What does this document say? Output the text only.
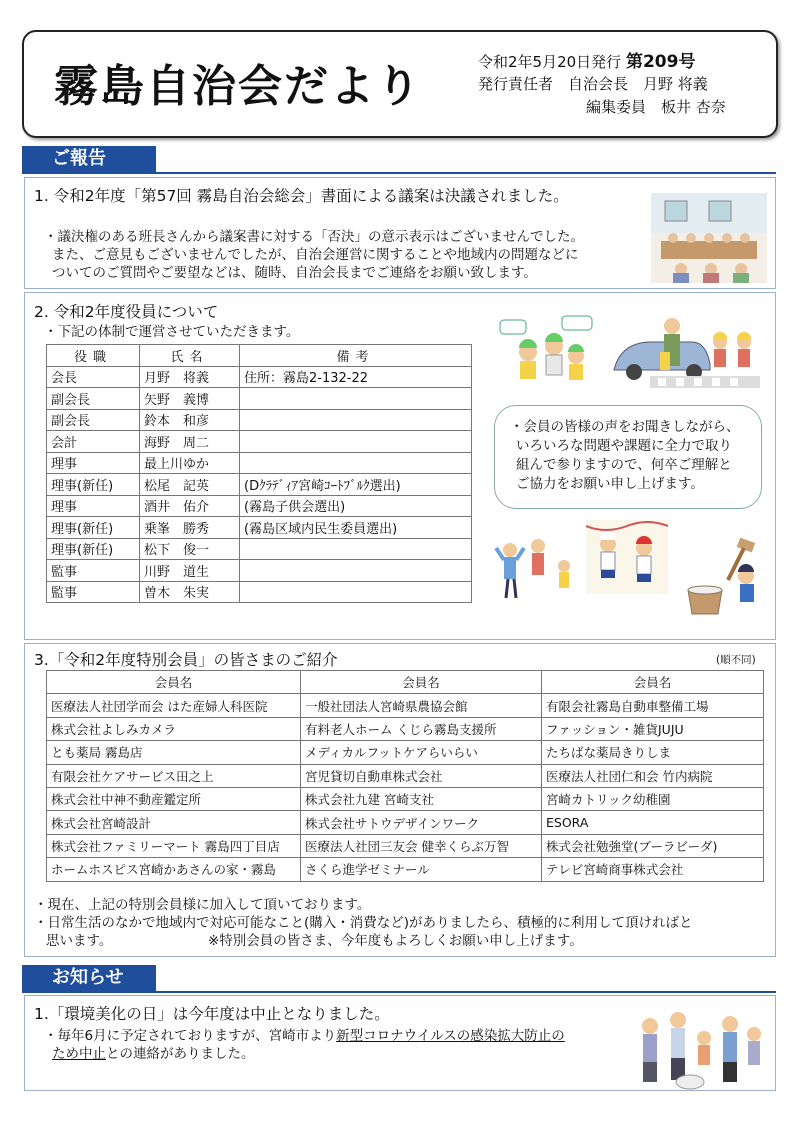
霧島自治会だより	令和2年5月20日発行 第209号
発行責任者　自治会長　月野 将義
編集委員　板井 杏奈
ご報告
1. 令和2年度「第57回 霧島自治会総会」書面による議案は決議されました。
・議決権のある班長さんから議案書に対する「否決」の意示表示はございませんでした。
また、ご意見もございませんでしたが、自治会運営に関することや地域内の問題などに
ついてのご質問やご要望などは、随時、自治会長までご連絡をお願い致します。
2. 令和2年度役員について
・下記の体制で運営させていただきます。
役職	氏名	備考
会長	月野　将義	住所：霧島2-132-22
副会長	矢野　義博	
副会長	鈴本　和彦	
会計	海野　周二	
理事	最上川ゆか	
理事(新任)	松尾　記英	(Dｸﾗﾃﾞｨｱ宮崎ｺｰﾄﾌﾞﾙｸ選出)
理事	酒井　佑介	(霧島子供会選出)
理事(新任)	乗峯　勝秀	(霧島区域内民生委員選出)
理事(新任)	松下　俊一	
監事	川野　道生	
監事	曽木　朱実	
・会員の皆様の声をお聞きしながら、
いろいろな問題や課題に全力で取り
組んで参りますので、何卒ご理解と
ご協力をお願い申し上げます。
3.「令和2年度特別会員」の皆さまのご紹介	(順不同)
会員名	会員名	会員名
医療法人社団学而会 はた産婦人科医院	一般社団法人宮崎県農協会館	有限会社霧島自動車整備工場
株式会社よしみカメラ	有料老人ホーム くじら霧島支援所	ファッション・雑貨JUJU
とも薬局 霧島店	メディカルフットケアらいらい	たちばな薬局きりしま
有限会社ケアサービス田之上	宮児貸切自動車株式会社	医療法人社団仁和会 竹内病院
株式会社中神不動産鑑定所	株式会社九建 宮崎支社	宮崎カトリック幼稚園
株式会社宮崎設計	株式会社サトウデザインワーク	ESORA
株式会社ファミリーマート 霧島四丁目店	医療法人社団三友会 健幸くらぶ万智	株式会社勉強堂(ブーラビーダ)
ホームホスピス宮崎かあさんの家・霧島	さくら進学ゼミナール	テレビ宮崎商事株式会社
・現在、上記の特別会員様に加入して頂いております。
・日常生活のなかで地域内で対応可能なこと(購入・消費など)がありましたら、積極的に利用して頂ければと
思います。	※特別会員の皆さま、今年度もよろしくお願い申し上げます。
お知らせ
1.「環境美化の日」は今年度は中止となりました。
・毎年6月に予定されておりますが、宮崎市より新型コロナウイルスの感染拡大防止の
ため中止との連絡がありました。
